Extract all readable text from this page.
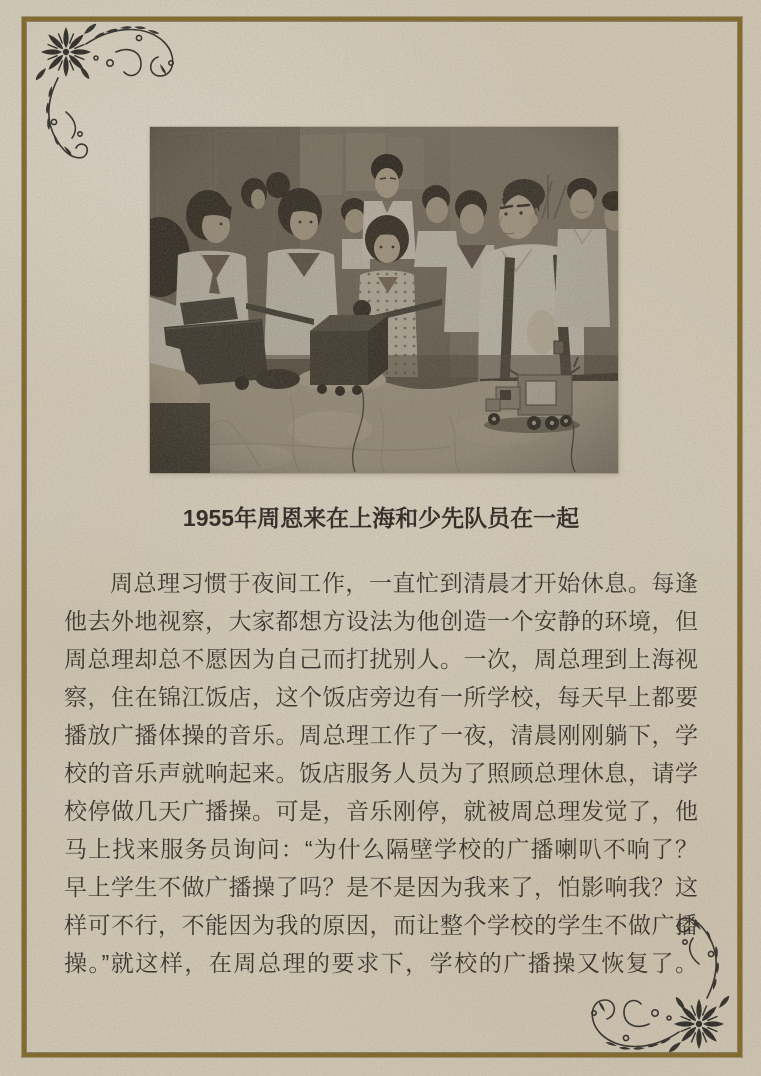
1955年周恩来在上海和少先队员在一起
周总理习惯于夜间工作，一直忙到清晨才开始休息。每逢
他去外地视察，大家都想方设法为他创造一个安静的环境，但
周总理却总不愿因为自己而打扰别人。一次，周总理到上海视
察，住在锦江饭店，这个饭店旁边有一所学校，每天早上都要
播放广播体操的音乐。周总理工作了一夜，清晨刚刚躺下，学
校的音乐声就响起来。饭店服务人员为了照顾总理休息，请学
校停做几天广播操。可是，音乐刚停，就被周总理发觉了，他
马上找来服务员询问：“为什么隔壁学校的广播喇叭不响了？
早上学生不做广播操了吗？是不是因为我来了，怕影响我？这
样可不行，不能因为我的原因，而让整个学校的学生不做广播
操。”就这样，在周总理的要求下，学校的广播操又恢复了。
